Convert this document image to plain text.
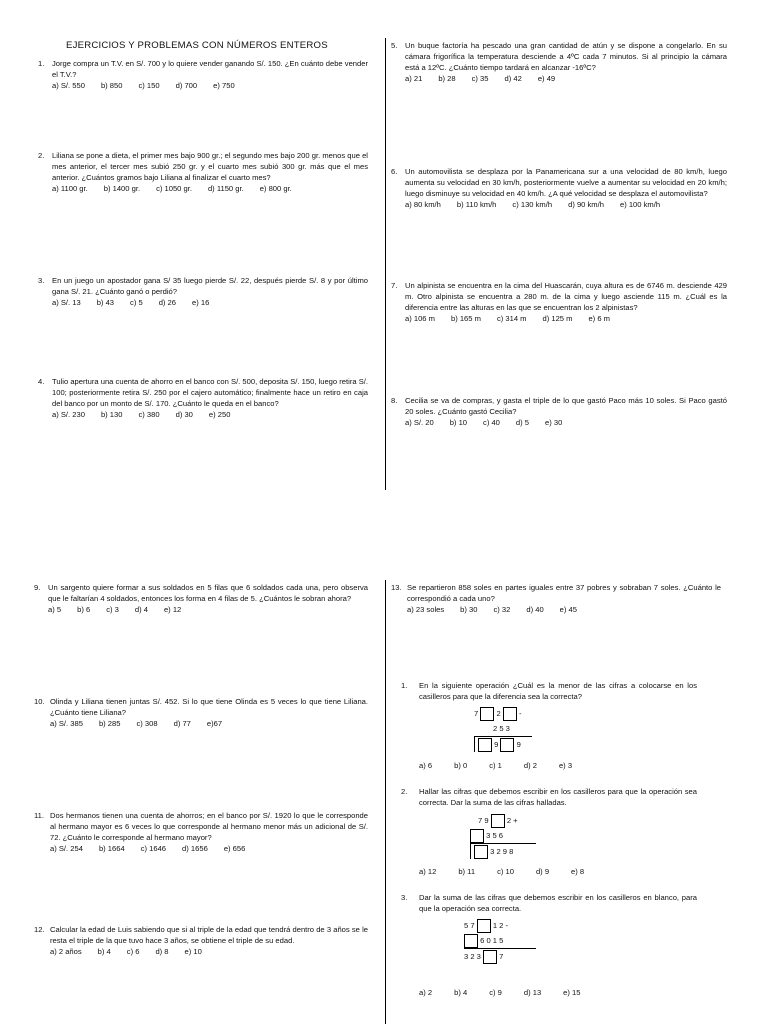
EJERCICIOS Y PROBLEMAS CON NÚMEROS ENTEROS
1.	Jorge compra un T.V. en S/. 700 y lo quiere vender ganando S/. 150. ¿En cuánto debe vender el T.V.?
a) S/. 550 b) 850 c) 150 d) 700 e) 750
2.	Liliana se pone a dieta, el primer mes bajo 900 gr.; el segundo mes bajo 200 gr. menos que el mes anterior, el tercer mes subió 250 gr. y el cuarto mes subió 300 gr. más que el mes anterior. ¿Cuántos gramos bajo Liliana al finalizar el cuarto mes?
a) 1100 gr. b) 1400 gr. c) 1050 gr. d) 1150 gr. e) 800 gr.
3.	En un juego un apostador gana S/ 35 luego pierde S/. 22, después pierde S/. 8 y por último gana S/. 21. ¿Cuánto ganó o perdió?
a) S/. 13 b) 43 c) 5 d) 26 e) 16
4.	Tulio apertura una cuenta de ahorro en el banco con S/. 500, deposita S/. 150, luego retira S/. 100; posteriormente retira S/. 250 por el cajero automático; finalmente hace un retiro en caja del banco por un monto de S/. 170. ¿Cuánto le queda en el banco?
a) S/. 230 b) 130 c) 380 d) 30 e) 250
5.	Un buque factoría ha pescado una gran cantidad de atún y se dispone a congelarlo. En su cámara frigorífica la temperatura desciende a 4ºC cada 7 minutos. Si al principio la cámara está a 12ºC. ¿Cuánto tiempo tardará en alcanzar -16ºC?
a) 21 b) 28 c) 35 d) 42 e) 49
6.	Un automovilista se desplaza por la Panamericana sur a una velocidad de 80 km/h, luego aumenta su velocidad en 30 km/h, posteriormente vuelve a aumentar su velocidad en 20 km/h; luego disminuye su velocidad en 40 km/h. ¿A qué velocidad se desplaza el automovilista?
a) 80 km/h b) 110 km/h c) 130 km/h d) 90 km/h e) 100 km/h
7.	Un alpinista se encuentra en la cima del Huascarán, cuya altura es de 6746 m. desciende 429 m. Otro alpinista se encuentra a 280 m. de la cima y luego asciende 115 m. ¿Cuál es la diferencia entre las alturas en las que se encuentran los 2 alpinistas?
a) 106 m b) 165 m c) 314 m d) 125 m e) 6 m
8.	Cecilia se va de compras, y gasta el triple de lo que gastó Paco más 10 soles. Si Paco gastó 20 soles. ¿Cuánto gastó Cecilia?
a) S/. 20 b) 10 c) 40 d) 5 e) 30
9.	Un sargento quiere formar a sus soldados en 5 filas que 6 soldados cada una, pero observa que le faltarían 4 soldados, entonces los forma en 4 filas de 5. ¿Cuántos le sobran ahora?
a) 5 b) 6 c) 3 d) 4 e) 12
10. Olinda y Liliana tienen juntas S/. 452. Si lo que tiene Olinda es 5 veces lo que tiene Liliana. ¿Cuánto tiene Liliana?
a) S/. 385 b) 285 c) 308 d) 77 e)67
11. Dos hermanos tienen una cuenta de ahorros; en el banco por S/. 1920 lo que le corresponde al hermano mayor es 6 veces lo que corresponde al hermano menor más un adicional de S/. 72. ¿Cuánto le corresponde al hermano mayor?
a) S/. 254 b) 1664 c) 1646 d) 1656 e) 656
12. Calcular la edad de Luis sabiendo que si al triple de la edad que tendrá dentro de 3 años se le resta el triple de la que tuvo hace 3 años, se obtiene el triple de su edad.
a) 2 años b) 4 c) 6 d) 8 e) 10
13. Se repartieron 858 soles en partes iguales entre 37 pobres y sobraban 7 soles. ¿Cuánto le correspondió a cada uno?
a) 23 soles b) 30 c) 32 d) 40 e) 45
1.	En la siguiente operación ¿Cuál es la menor de las cifras a colocarse en los casilleros para que la diferencia sea la correcta?
a) 6	b) 0	c) 1	d) 2	e) 3
2.	Hallar las cifras que debemos escribir en los casilleros para que la operación sea correcta. Dar la suma de las cifras halladas.
a) 12	b) 11	c) 10	d) 9	e) 8
3.	Dar la suma de las cifras que debemos escribir en los casilleros en blanco, para que la operación sea correcta.
a) 2	b) 4	c) 9	d) 13	e) 15
7 2 -
2 5 3
9 9
7 9 2 +
3 5 6
3 2 9 8
5 7 1 2 -
6 0 1 5
3 2 3 7
